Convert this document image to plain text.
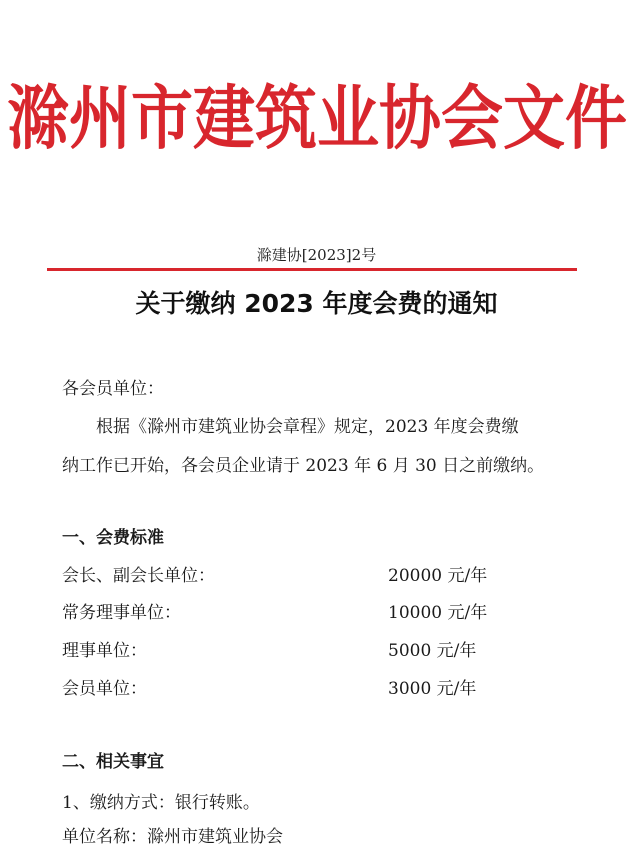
滁州市建筑业协会文件
滁建协[2023]2号
关于缴纳 2023 年度会费的通知
各会员单位：
根据《滁州市建筑业协会章程》规定，2023 年度会费缴
纳工作已开始，各会员企业请于 2023 年 6 月 30 日之前缴纳。
一、会费标准
会长、副会长单位：	20000 元/年
常务理事单位：	10000 元/年
理事单位：	5000 元/年
会员单位：	3000 元/年
二、相关事宜
1、缴纳方式：银行转账。
单位名称：滁州市建筑业协会
